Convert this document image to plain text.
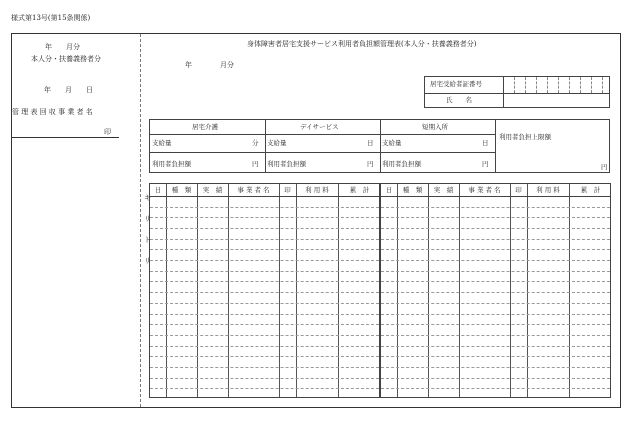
様式第13号(第15条関係)
年　　月分
本人分・扶養義務者分
年　　月　　日
管 理 表 回 収 事 業 者 名
印
キ
リ
ト
リ
身体障害者居宅支援サービス利用者負担額管理表(本人分・扶養義務者分)
年　　　　月分
居宅受給者証番号
氏　　名
居宅介護
支給量	分
利用者負担額	円
デイサービス
支給量	日
利用者負担額	円
短期入所
支給量	日
利用者負担額	円
利用者負担上限額
円
日	種　類	実　績	事 業 者 名	印	利 用 料	累　計	日	種　類	実　績	事 業 者 名	印	利 用 料	累　計
